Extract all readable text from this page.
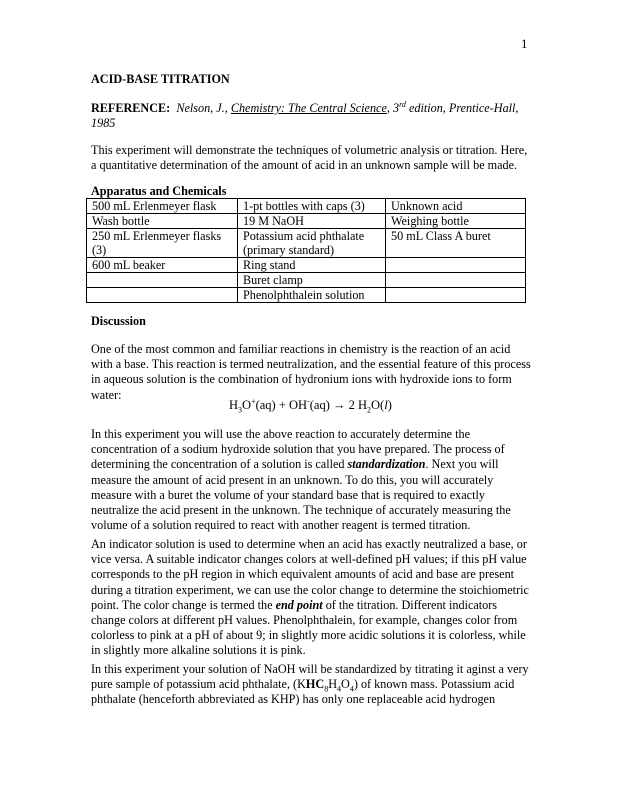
1
ACID-BASE TITRATION
REFERENCE: Nelson, J., Chemistry: The Central Science, 3rd edition, Prentice-Hall,
1985
This experiment will demonstrate the techniques of volumetric analysis or titration. Here, a quantitative determination of the amount of acid in an unknown sample will be made.
Apparatus and Chemicals
500 mL Erlenmeyer flask	1-pt bottles with caps (3)	Unknown acid
Wash bottle	19 M NaOH	Weighing bottle
250 mL Erlenmeyer flasks (3)	Potassium acid phthalate (primary standard)	50 mL Class A buret
600 mL beaker	Ring stand	
	Buret clamp	
	Phenolphthalein solution	
Discussion
One of the most common and familiar reactions in chemistry is the reaction of an acid with a base. This reaction is termed neutralization, and the essential feature of this process in aqueous solution is the combination of hydronium ions with hydroxide ions to form water:
$H_3O^+(aq) + OH^-(aq) \to 2$ $H_2O(l)$
In this experiment you will use the above reaction to accurately determine the concentration of a sodium hydroxide solution that you have prepared. The process of determining the concentration of a solution is called standardization. Next you will measure the amount of acid present in an unknown. To do this, you will accurately measure with a buret the volume of your standard base that is required to exactly neutralize the acid present in the unknown. The technique of accurately measuring the volume of a solution required to react with another reagent is termed titration.
An indicator solution is used to determine when an acid has exactly neutralized a base, or vice versa. A suitable indicator changes colors at well-defined pH values; if this pH value corresponds to the pH region in which equivalent amounts of acid and base are present during a titration experiment, we can use the color change to determine the stoichiometric point. The color change is termed the end point of the titration. Different indicators change colors at different pH values. Phenolphthalein, for example, changes color from colorless to pink at a pH of about 9; in slightly more acidic solutions it is colorless, while in slightly more alkaline solutions it is pink.
In this experiment your solution of NaOH will be standardized by titrating it aginst a very pure sample of potassium acid phthalate, $(KHC_8H_4O_4)$ of known mass. Potassium acid phthalate (henceforth abbreviated as KHP) has only one replaceable acid hydrogen
